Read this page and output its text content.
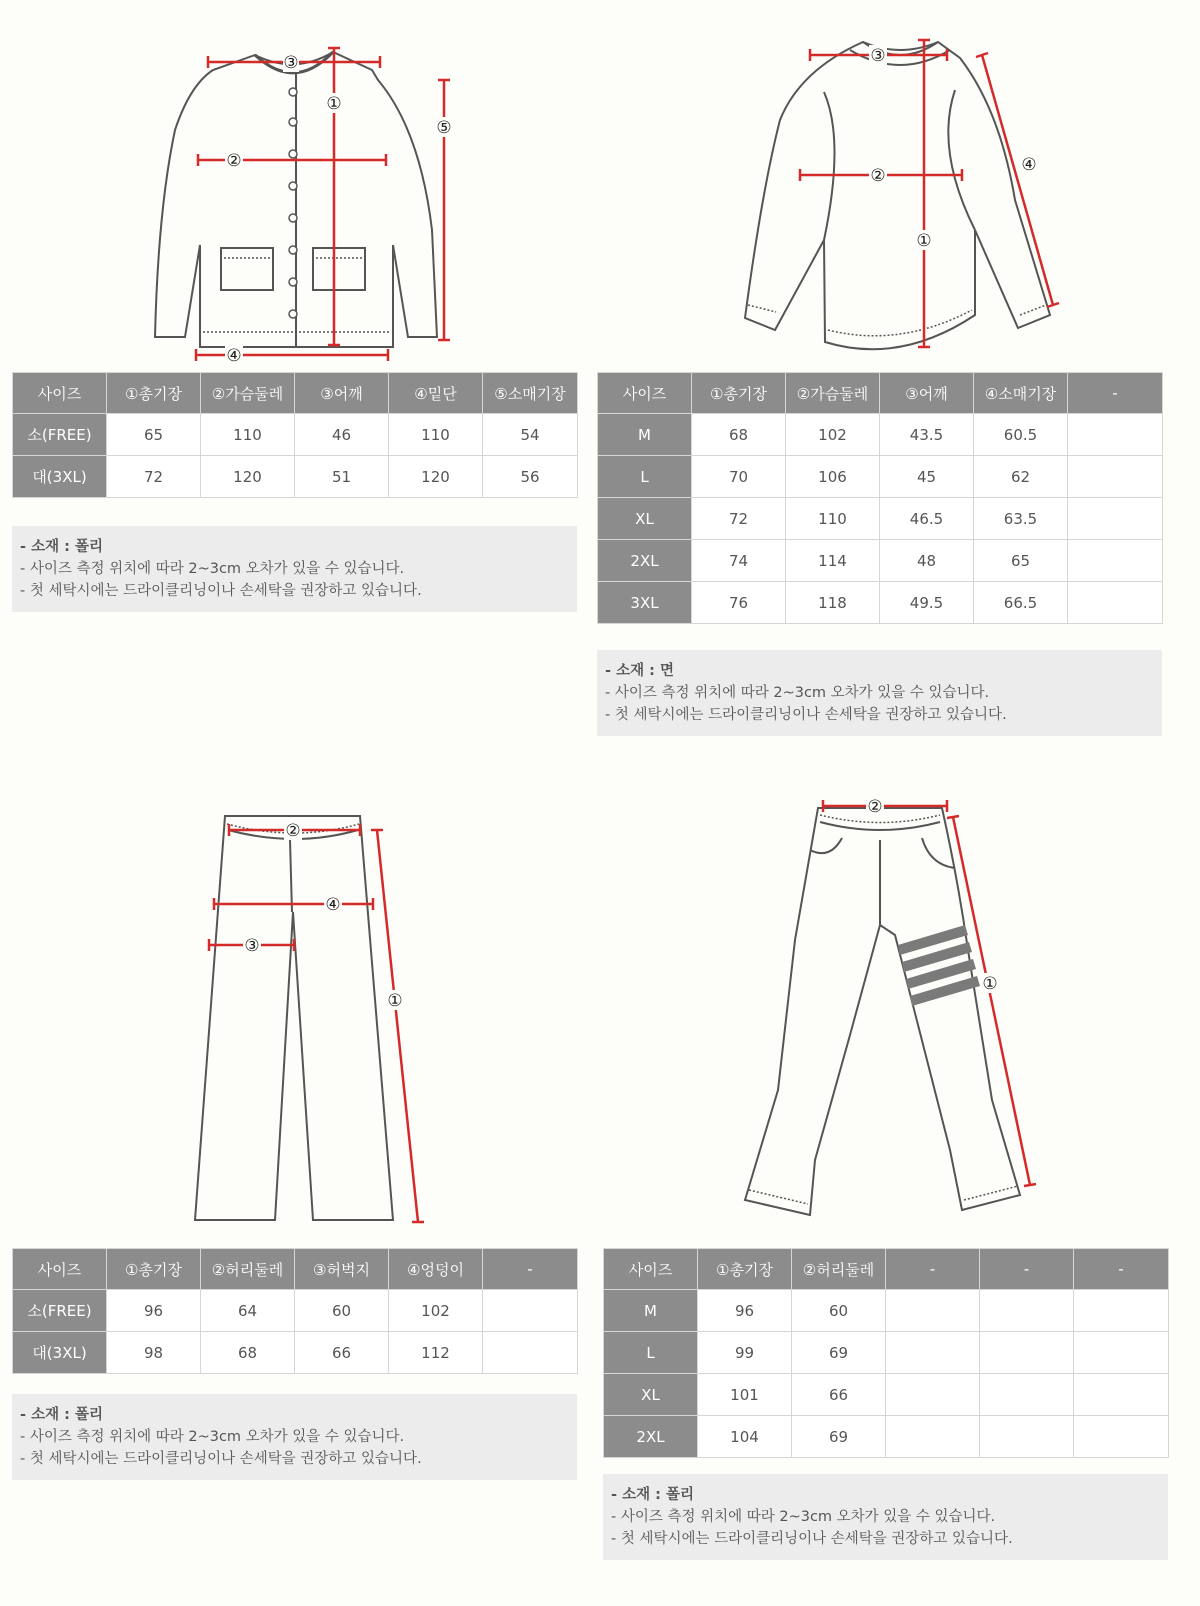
③
①
②
④
⑤
사이즈	①총기장	②가슴둘레	③어깨	④밑단	⑤소매기장
소(FREE)	65	110	46	110	54
대(3XL)	72	120	51	120	56
- 소재 : 폴리
- 사이즈 측정 위치에 따라 2~3cm 오차가 있을 수 있습니다.
- 첫 세탁시에는 드라이클리닝이나 손세탁을 권장하고 있습니다.
③
②
①
④
사이즈	①총기장	②가슴둘레	③어깨	④소매기장	-
M	68	102	43.5	60.5	
L	70	106	45	62	
XL	72	110	46.5	63.5	
2XL	74	114	48	65	
3XL	76	118	49.5	66.5	
- 소재 : 면
- 사이즈 측정 위치에 따라 2~3cm 오차가 있을 수 있습니다.
- 첫 세탁시에는 드라이클리닝이나 손세탁을 권장하고 있습니다.
②
④
③
①
사이즈	①총기장	②허리둘레	③허벅지	④엉덩이	-
소(FREE)	96	64	60	102	
대(3XL)	98	68	66	112	
- 소재 : 폴리
- 사이즈 측정 위치에 따라 2~3cm 오차가 있을 수 있습니다.
- 첫 세탁시에는 드라이클리닝이나 손세탁을 권장하고 있습니다.
②
①
사이즈	①총기장	②허리둘레	-	-	-
M	96	60			
L	99	69			
XL	101	66			
2XL	104	69			
- 소재 : 폴리
- 사이즈 측정 위치에 따라 2~3cm 오차가 있을 수 있습니다.
- 첫 세탁시에는 드라이클리닝이나 손세탁을 권장하고 있습니다.
